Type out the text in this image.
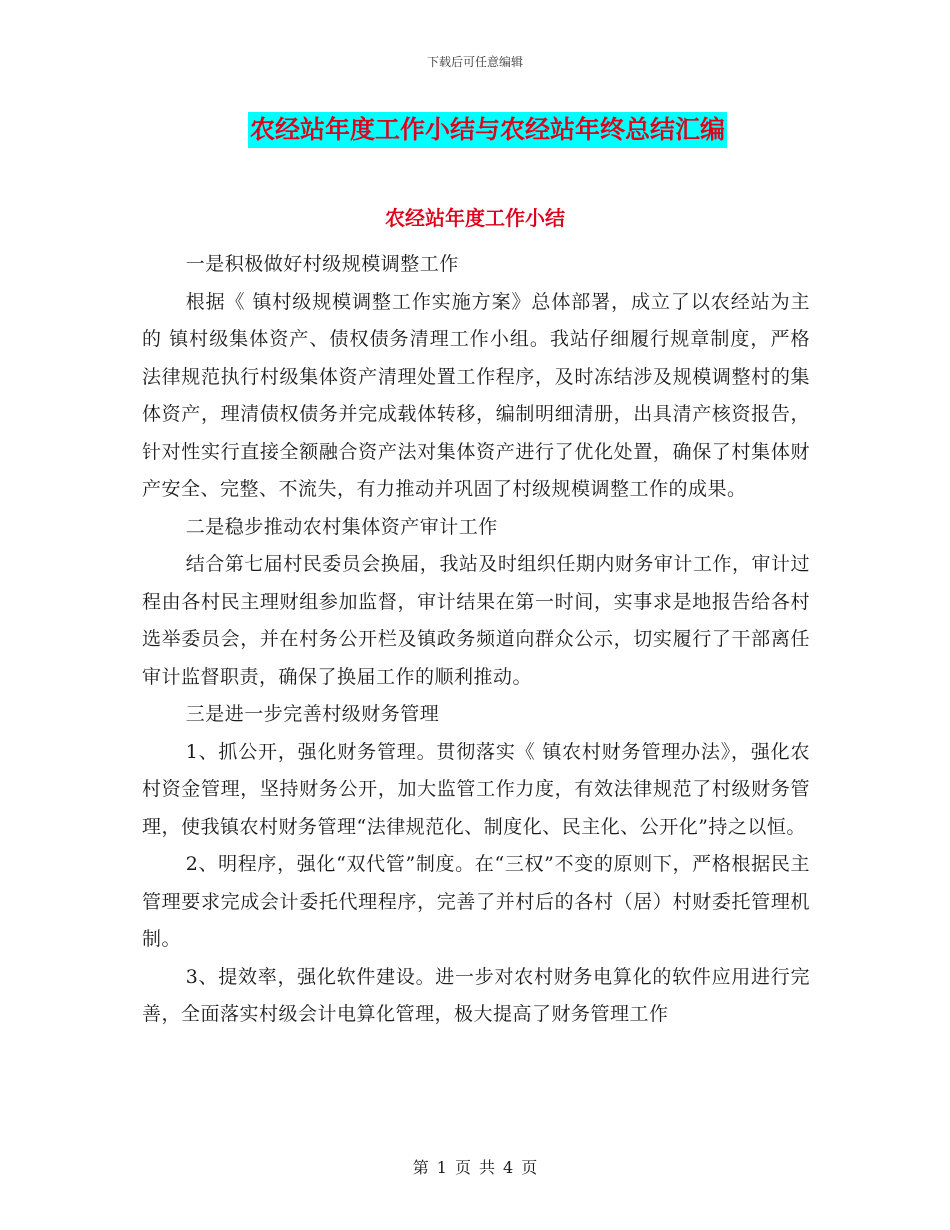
下载后可任意编辑
农经站年度工作小结与农经站年终总结汇编
农经站年度工作小结

一是积极做好村级规模调整工作

根据《 镇村级规模调整工作实施方案》总体部署，成立了以农经站为主的 镇村级集体资产、债权债务清理工作小组。我站仔细履行规章制度，严格法律规范执行村级集体资产清理处置工作程序，及时冻结涉及规模调整村的集体资产，理清债权债务并完成载体转移，编制明细清册，出具清产核资报告，针对性实行直接全额融合资产法对集体资产进行了优化处置，确保了村集体财产安全、完整、不流失，有力推动并巩固了村级规模调整工作的成果。

二是稳步推动农村集体资产审计工作

结合第七届村民委员会换届，我站及时组织任期内财务审计工作，审计过程由各村民主理财组参加监督，审计结果在第一时间，实事求是地报告给各村选举委员会，并在村务公开栏及镇政务频道向群众公示，切实履行了干部离任审计监督职责，确保了换届工作的顺利推动。

三是进一步完善村级财务管理

1、抓公开，强化财务管理。贯彻落实《 镇农村财务管理办法》，强化农村资金管理，坚持财务公开，加大监管工作力度，有效法律规范了村级财务管理，使我镇农村财务管理“法律规范化、制度化、民主化、公开化”持之以恒。

2、明程序，强化“双代管”制度。在“三权”不变的原则下，严格根据民主管理要求完成会计委托代理程序，完善了并村后的各村（居）村财委托管理机制。

3、提效率，强化软件建设。进一步对农村财务电算化的软件应用进行完善，全面落实村级会计电算化管理，极大提高了财务管理工作

第 1 页 共 4 页
